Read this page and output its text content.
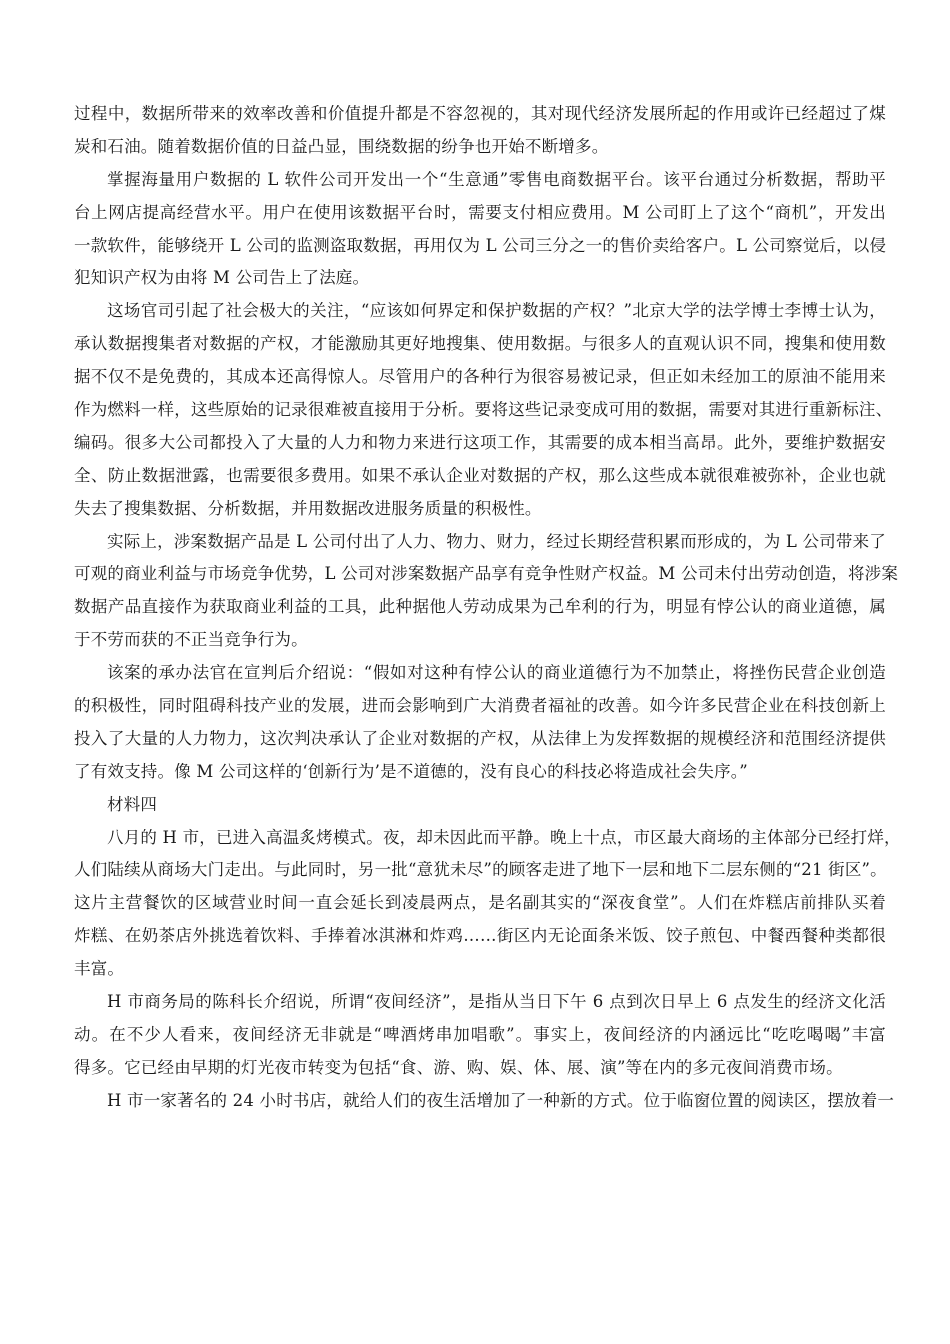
过程中，数据所带来的效率改善和价值提升都是不容忽视的，其对现代经济发展所起的作用或许已经超过了煤
炭和石油。随着数据价值的日益凸显，围绕数据的纷争也开始不断增多。
掌握海量用户数据的 L 软件公司开发出一个“生意通”零售电商数据平台。该平台通过分析数据，帮助平
台上网店提高经营水平。用户在使用该数据平台时，需要支付相应费用。M 公司盯上了这个“商机”，开发出
一款软件，能够绕开 L 公司的监测盗取数据，再用仅为 L 公司三分之一的售价卖给客户。L 公司察觉后，以侵
犯知识产权为由将 M 公司告上了法庭。
这场官司引起了社会极大的关注，“应该如何界定和保护数据的产权？”北京大学的法学博士李博士认为，
承认数据搜集者对数据的产权，才能激励其更好地搜集、使用数据。与很多人的直观认识不同，搜集和使用数
据不仅不是免费的，其成本还高得惊人。尽管用户的各种行为很容易被记录，但正如未经加工的原油不能用来
作为燃料一样，这些原始的记录很难被直接用于分析。要将这些记录变成可用的数据，需要对其进行重新标注、
编码。很多大公司都投入了大量的人力和物力来进行这项工作，其需要的成本相当高昂。此外，要维护数据安
全、防止数据泄露，也需要很多费用。如果不承认企业对数据的产权，那么这些成本就很难被弥补，企业也就
失去了搜集数据、分析数据，并用数据改进服务质量的积极性。
实际上，涉案数据产品是 L 公司付出了人力、物力、财力，经过长期经营积累而形成的，为 L 公司带来了
可观的商业利益与市场竞争优势，L 公司对涉案数据产品享有竞争性财产权益。M 公司未付出劳动创造，将涉案
数据产品直接作为获取商业利益的工具，此种据他人劳动成果为己牟利的行为，明显有悖公认的商业道德，属
于不劳而获的不正当竞争行为。
该案的承办法官在宣判后介绍说：“假如对这种有悖公认的商业道德行为不加禁止，将挫伤民营企业创造
的积极性，同时阻碍科技产业的发展，进而会影响到广大消费者福祉的改善。如今许多民营企业在科技创新上
投入了大量的人力物力，这次判决承认了企业对数据的产权，从法律上为发挥数据的规模经济和范围经济提供
了有效支持。像 M 公司这样的‘创新行为’是不道德的，没有良心的科技必将造成社会失序。”
材料四
八月的 H 市，已进入高温炙烤模式。夜，却未因此而平静。晚上十点，市区最大商场的主体部分已经打烊，
人们陆续从商场大门走出。与此同时，另一批“意犹未尽”的顾客走进了地下一层和地下二层东侧的“21 街区”。
这片主营餐饮的区域营业时间一直会延长到凌晨两点，是名副其实的“深夜食堂”。人们在炸糕店前排队买着
炸糕、在奶茶店外挑选着饮料、手捧着冰淇淋和炸鸡……街区内无论面条米饭、饺子煎包、中餐西餐种类都很
丰富。
H 市商务局的陈科长介绍说，所谓“夜间经济”，是指从当日下午 6 点到次日早上 6 点发生的经济文化活
动。在不少人看来，夜间经济无非就是“啤酒烤串加唱歌”。事实上，夜间经济的内涵远比“吃吃喝喝”丰富
得多。它已经由早期的灯光夜市转变为包括“食、游、购、娱、体、展、演”等在内的多元夜间消费市场。
H 市一家著名的 24 小时书店，就给人们的夜生活增加了一种新的方式。位于临窗位置的阅读区，摆放着一
